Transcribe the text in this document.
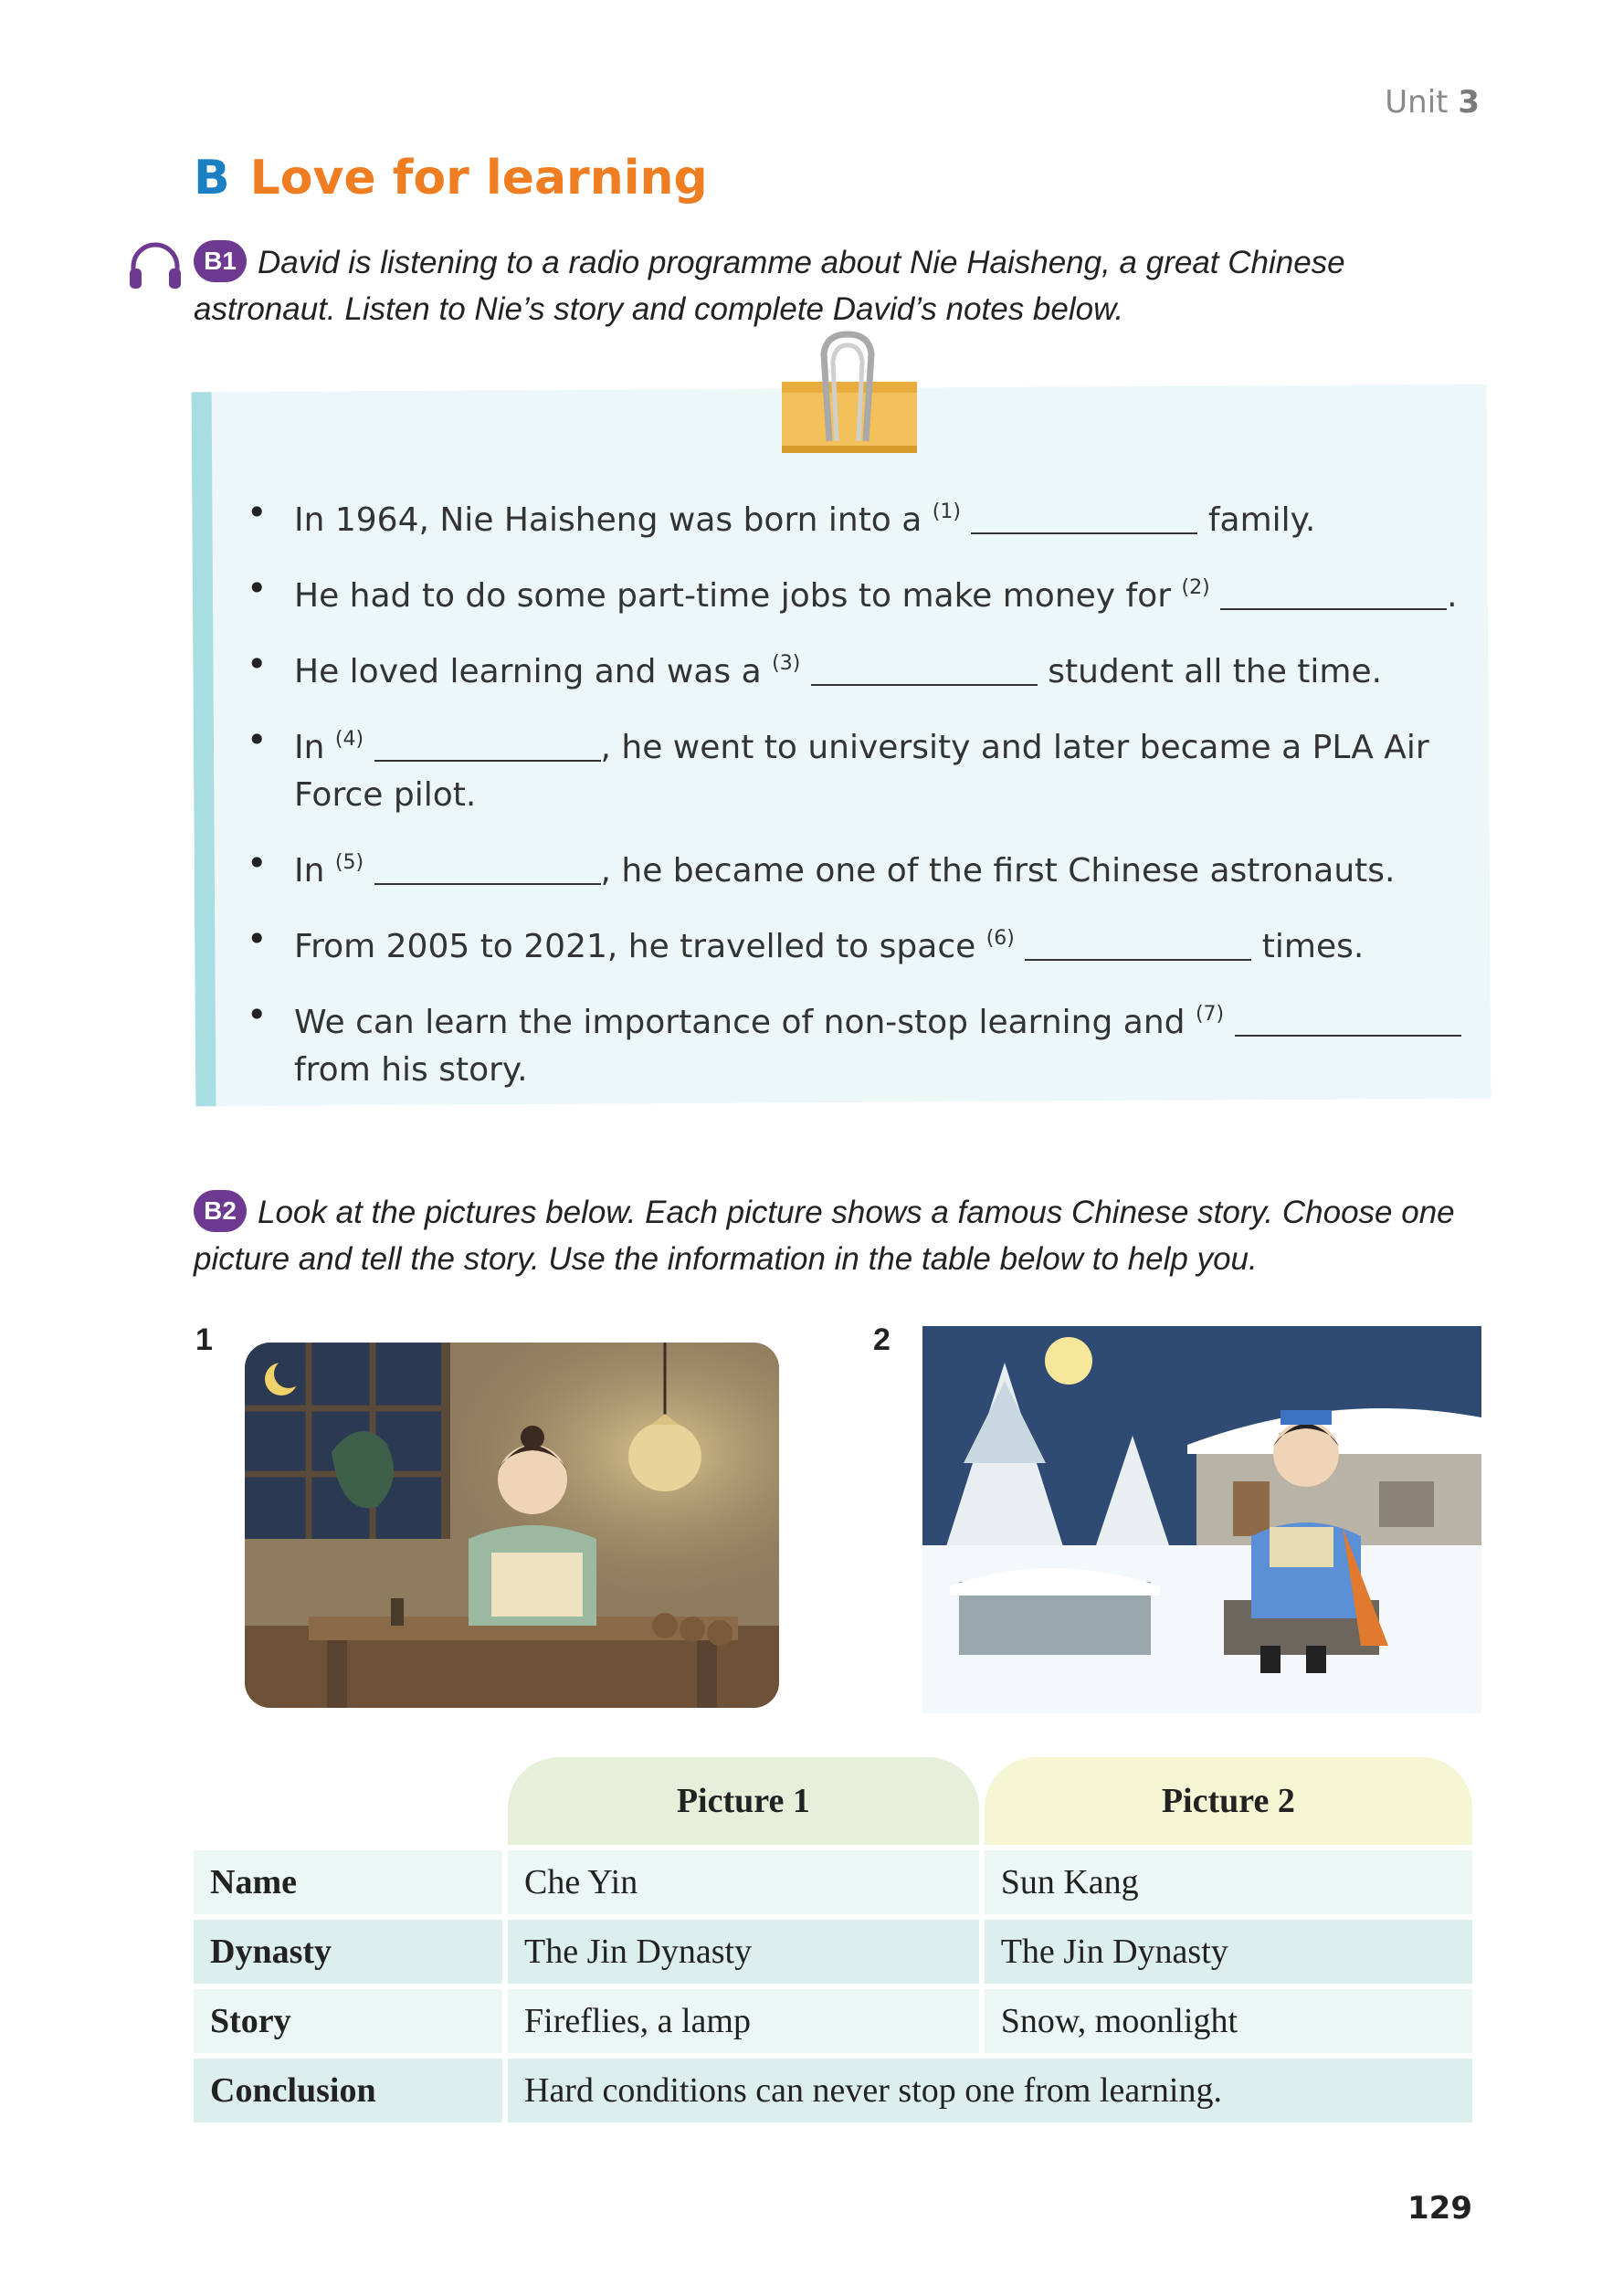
Unit 3
B Love for learning
B1 David is listening to a radio programme about Nie Haisheng, a great Chinese astronaut. Listen to Nie’s story and complete David’s notes below.
• In 1964, Nie Haisheng was born into a $^{(1)}$	family.
• He had to do some part-time jobs to make money for $^{(2)}$	.
• He loved learning and was a $^{(3)}$	student all the time.
• In $^{(4)}$	, he went to university and later became a PLA Air Force pilot.
• In $^{(5)}$	, he became one of the first Chinese astronauts.
• From 2005 to 2021, he travelled to space $^{(6)}$	times.
• We can learn the importance of non-stop learning and $^{(7)}$  from his story.
B2 Look at the pictures below. Each picture shows a famous Chinese story. Choose one picture and tell the story. Use the information in the table below to help you.
1	2
	Picture 1	Picture 2
Name	Che Yin	Sun Kang
Dynasty	The Jin Dynasty	The Jin Dynasty
Story	Fireflies, a lamp	Snow, moonlight
Conclusion	Hard conditions can never stop one from learning.	
129
